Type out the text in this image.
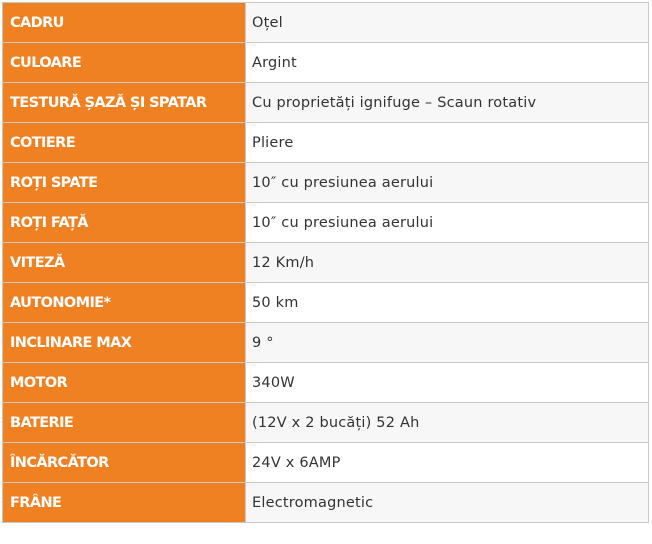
CADRU	Oțel
CULOARE	Argint
TESTURĂ ȘAZĂ ȘI SPATAR	Cu proprietăți ignifuge – Scaun rotativ
COTIERE	Pliere
ROȚI SPATE	10″ cu presiunea aerului
ROȚI FAȚĂ	10″ cu presiunea aerului
VITEZĂ	12 Km/h
AUTONOMIE*	50 km
INCLINARE MAX	9 °
MOTOR	340W
BATERIE	(12V x 2 bucăți) 52 Ah
ÎNCĂRCĂTOR	24V x 6AMP
FRÂNE	Electromagnetic
